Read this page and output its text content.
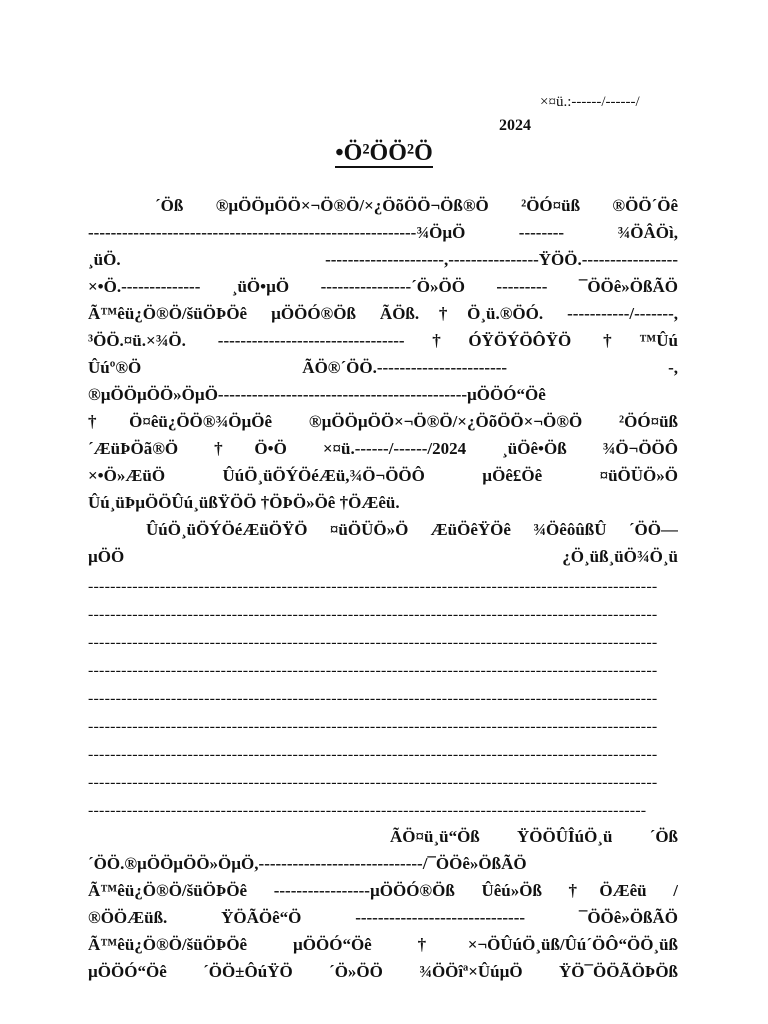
×¤ü.:------/------/
2024
•Ö²ÖÖ²Ö
´Öß ®µÖÖµÖÖ×¬Ö®Ö/×¿ÖõÖÖ¬Öß®Ö ²ÖÓ¤üß ®ÖÖ´Öê
----------------------------------------------------------¾ÖµÖ -------- ¾ÖÂÖì,
¸üÖ. ---------------------,----------------ŸÖÖ.-----------------
×•Ö.-------------- ¸üÖ•µÖ ----------------´Ö»ÖÖ --------- ¯ÖÖê»ÖßÃÖ
Ã™êü¿Ö®Ö/šüÖÞÖê µÖÖÓ®Öß ÃÖß.†Ö¸ü.®ÖÓ. -----------/-------,
³ÖÖ.¤ü.×¾Ö. ---------------------------------†ÓŸÖÝÖÔŸÖ †™Ûú
Ûúº®Ö ÃÖ®´ÖÖ.----------------------- -,
®µÖÖµÖÖ»ÖµÖ--------------------------------------------µÖÖÓ“Öê
†Ö¤êü¿ÖÖ®¾ÖµÖê ®µÖÖµÖÖ×¬Ö®Ö/×¿ÖõÖÖ×¬Ö®Ö ²ÖÓ¤üß
´ÆüÞÖã®Ö †Ö•Ö ×¤ü.------/------/2024 ¸üÖê•Öß ¾Ö¬ÖÖÔ
×•Ö»ÆüÖ ÛúÖ¸üÖÝÖéÆü,¾Ö¬ÖÖÔ µÖê£Öê ¤üÖÜÖ»Ö
Ûú¸üÞµÖÖÛú¸üßŸÖÖ †ÖÞÖ»Öê †ÖÆêü.
ÛúÖ¸üÖÝÖéÆüÖŸÖ ¤üÖÜÖ»Ö ÆüÖêŸÖê ¾ÖêôûßÛ ´ÖÖ—
µÖÖ ¿Ö¸üß¸üÖ¾Ö¸ü
-------------------------------------------------------------------------------------------------------
-------------------------------------------------------------------------------------------------------
-------------------------------------------------------------------------------------------------------
-------------------------------------------------------------------------------------------------------
-------------------------------------------------------------------------------------------------------
-------------------------------------------------------------------------------------------------------
-------------------------------------------------------------------------------------------------------
-------------------------------------------------------------------------------------------------------
-----------------------------------------------------------------------------------------------------
ÃÖ¤ü¸ü“Öß ŸÖÖÛÎúÖ¸ü ´Öß
´ÖÖ.®µÖÖµÖÖ»ÖµÖ,-----------------------------/¯ÖÖê»ÖßÃÖ
Ã™êü¿Ö®Ö/šüÖÞÖê -----------------µÖÖÓ®Öß Ûêú»Öß †ÖÆêü /
®ÖÖÆüß. ŸÖÃÖê“Ö ------------------------------ ¯ÖÖê»ÖßÃÖ
Ã™êü¿Ö®Ö/šüÖÞÖê µÖÖÓ“Öê †×¬ÖÛúÖ¸üß/Ûú´ÖÔ“ÖÖ¸üß
µÖÖÓ“Öê ´ÖÖ±ÔúŸÖ ´Ö»ÖÖ ¾ÖÖîª×ÛúµÖ ŸÖ¯ÖÖÃÖÞÖß
